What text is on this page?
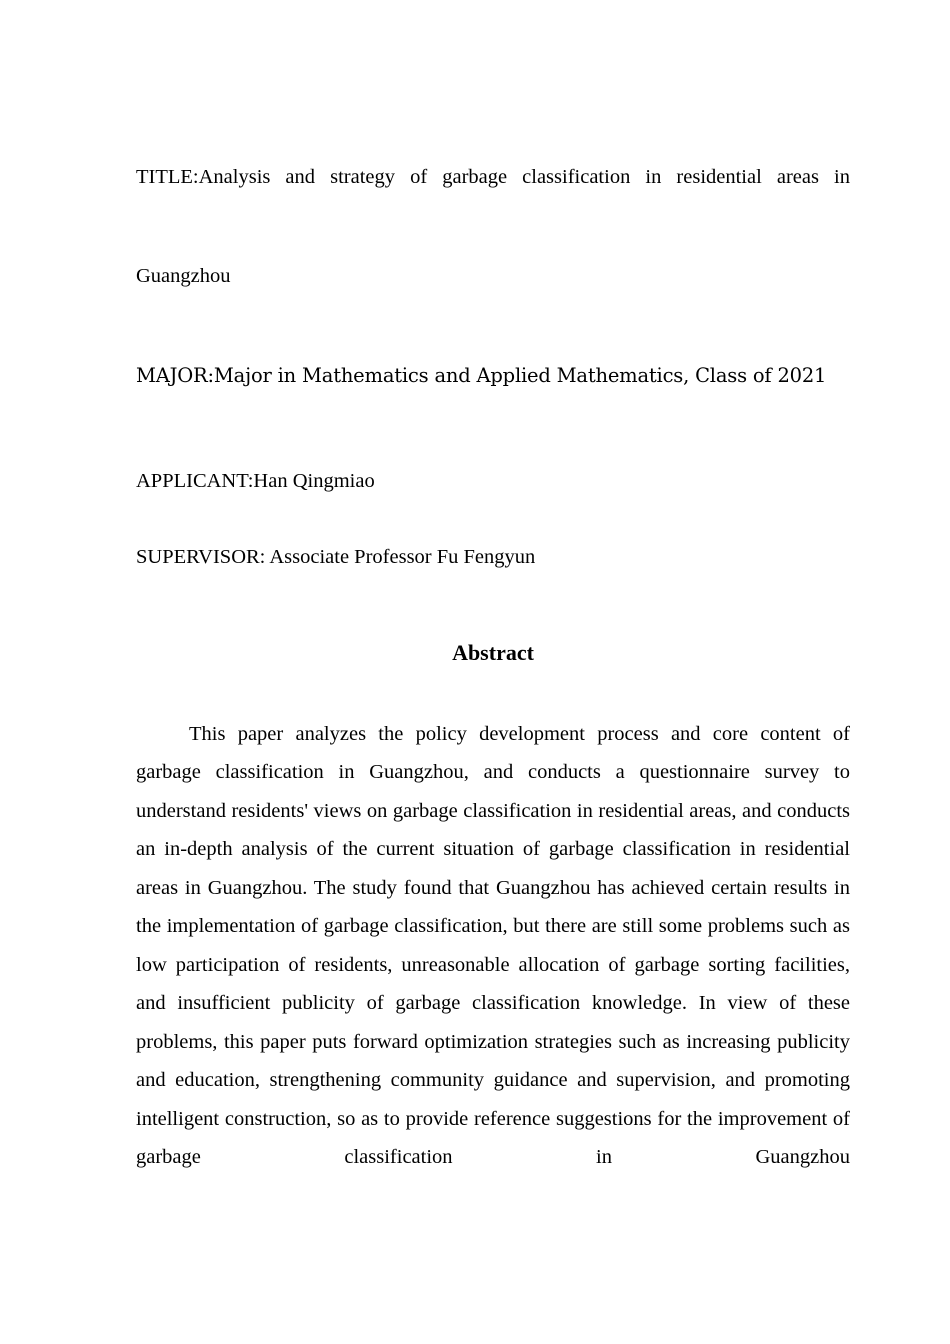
TITLE:Analysis and strategy of garbage classification in residential areas in Guangzhou

MAJOR:Major in Mathematics and Applied Mathematics, Class of 2021

APPLICANT:Han Qingmiao

SUPERVISOR: Associate Professor Fu Fengyun

Abstract

This paper analyzes the policy development process and core content of garbage classification in Guangzhou, and conducts a questionnaire survey to understand residents' views on garbage classification in residential areas, and conducts an in-depth analysis of the current situation of garbage classification in residential areas in Guangzhou. The study found that Guangzhou has achieved certain results in the implementation of garbage classification, but there are still some problems such as low participation of residents, unreasonable allocation of garbage sorting facilities, and insufficient publicity of garbage classification knowledge. In view of these problems, this paper puts forward optimization strategies such as increasing publicity and education, strengthening community guidance and supervision, and promoting intelligent construction, so as to provide reference suggestions for the improvement of garbage classification in Guangzhou
